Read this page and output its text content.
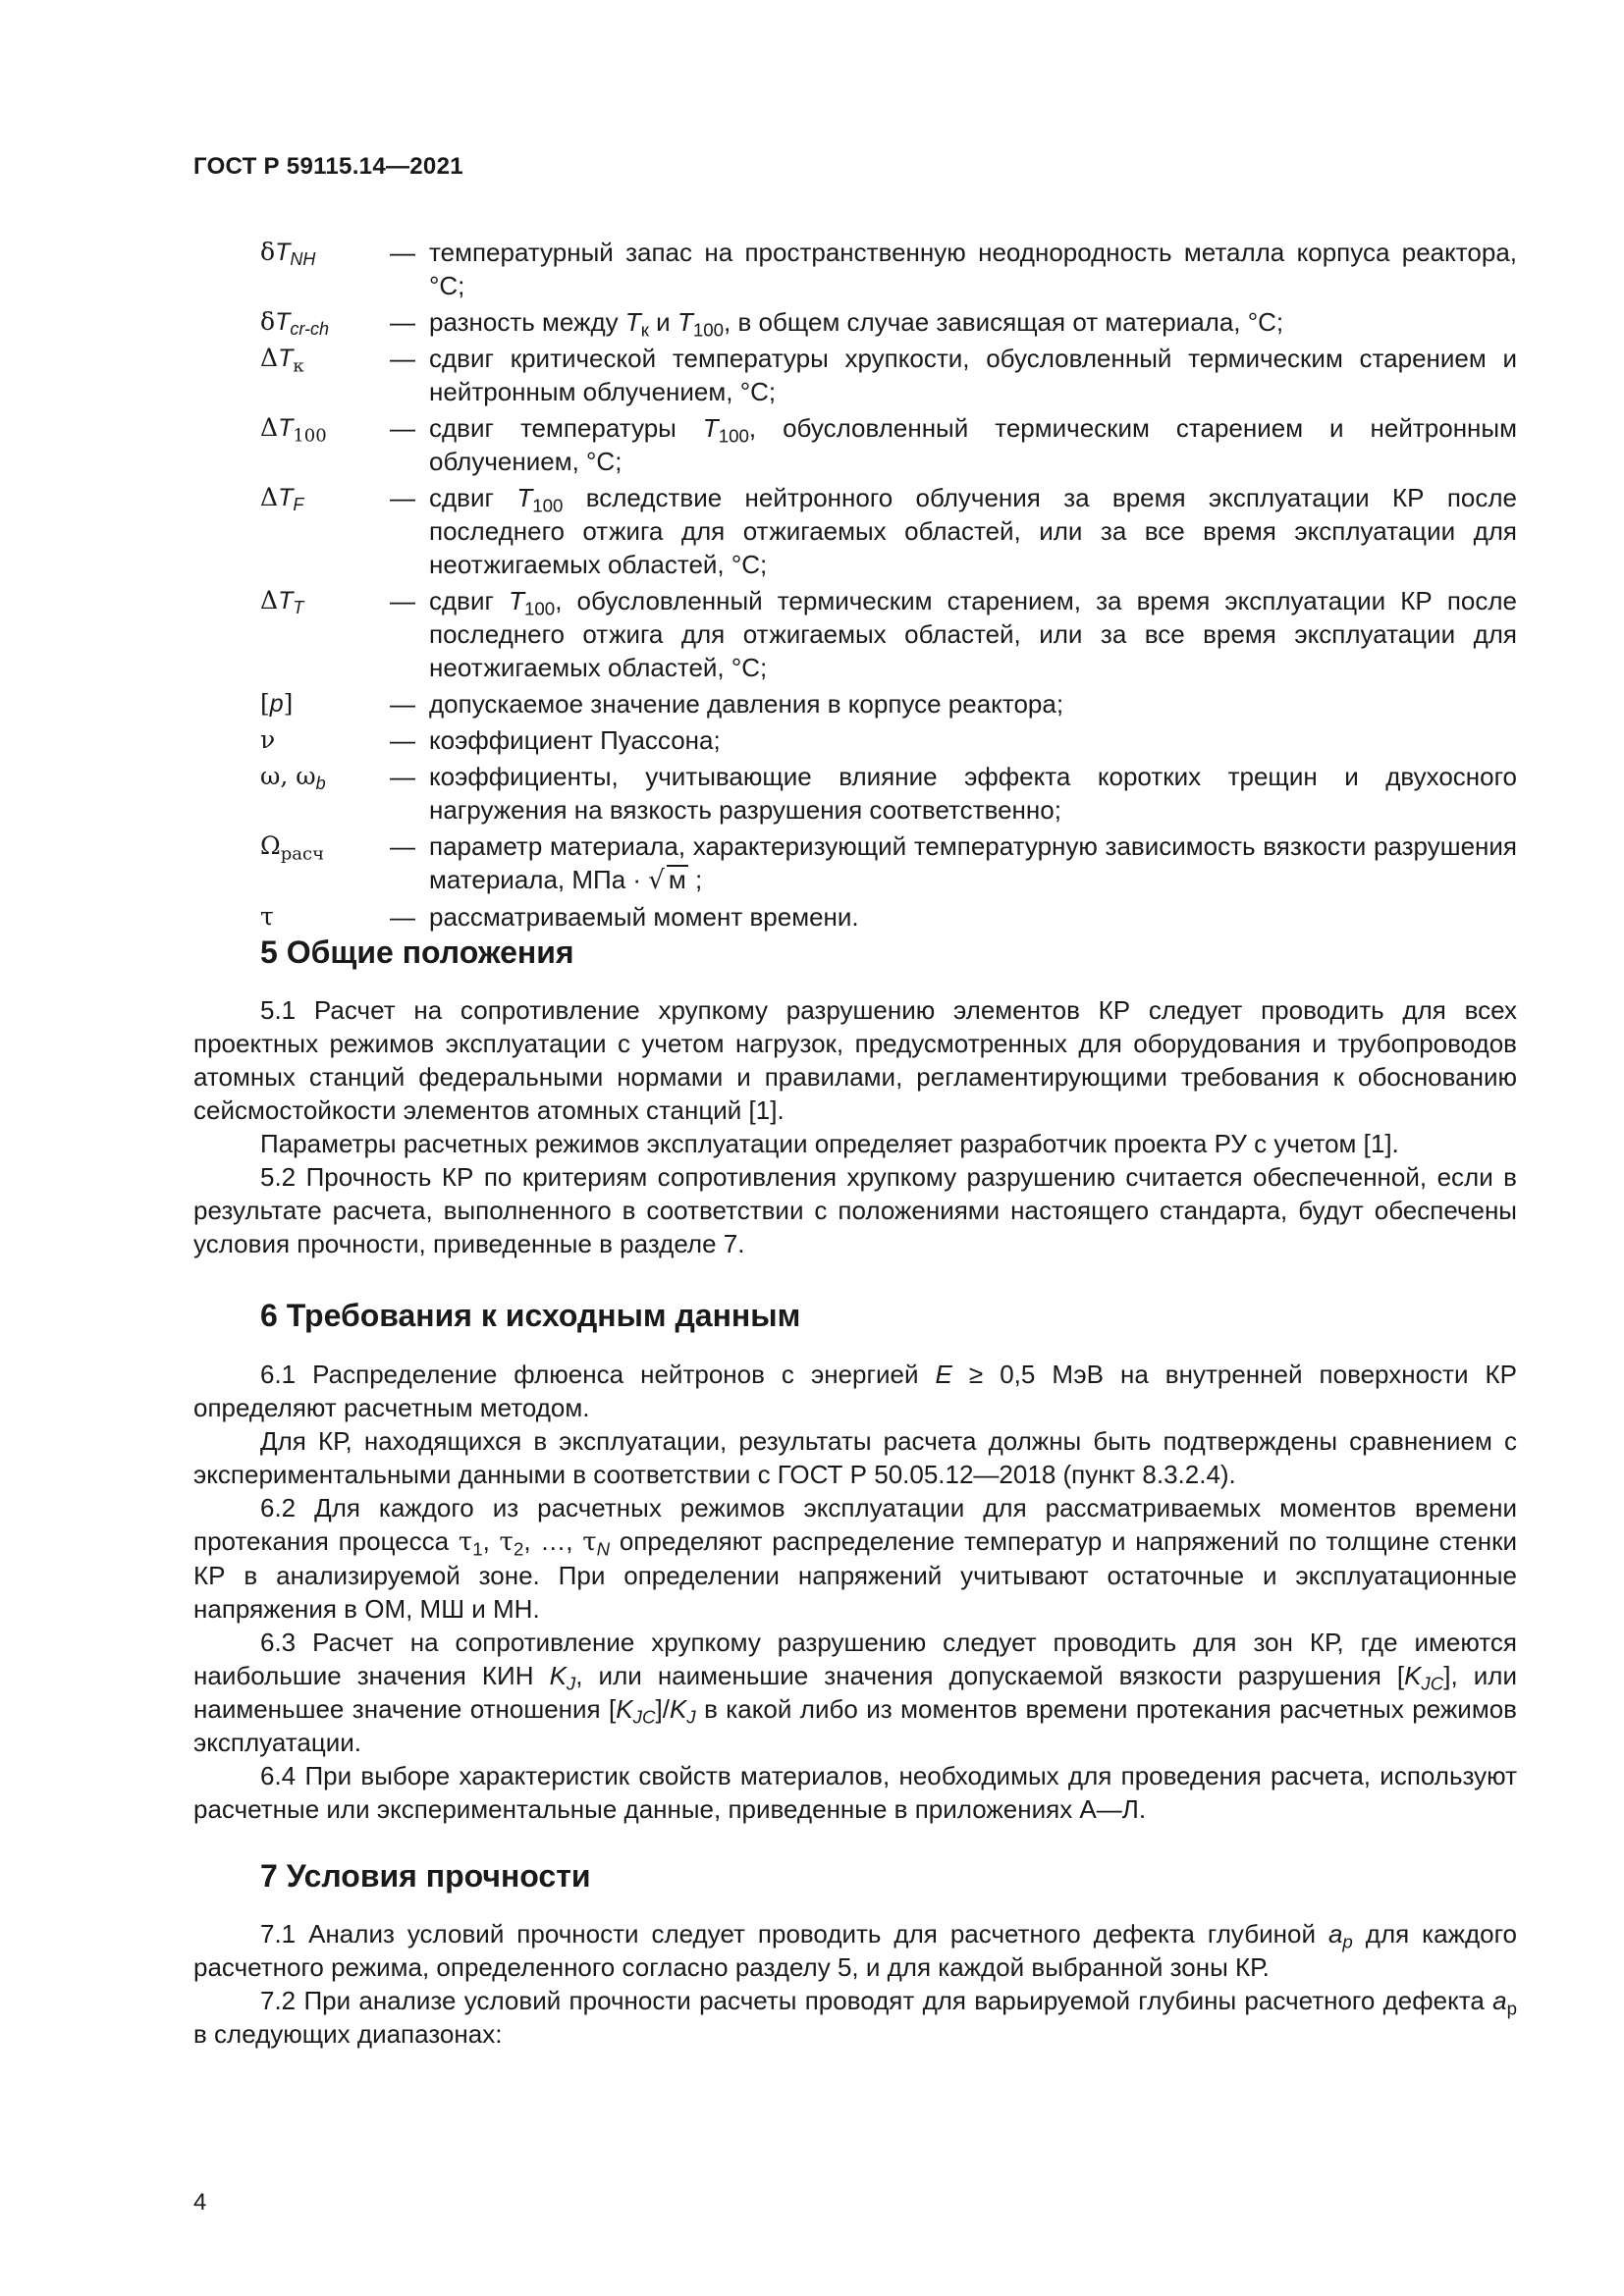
ГОСТ Р 59115.14—2021
$\delta T_{NH}$	— температурный запас на пространственную неоднородность металла корпуса реактора, °С;
$\delta T_{cr-ch}$	— разность между $T_к$ и $T_{100}$, в общем случае зависящая от материала, °С;
$\Delta T_к$	— сдвиг критической температуры хрупкости, обусловленный термическим старением и нейтронным облучением, °С;
$\Delta T_{100}$	— сдвиг температуры $T_{100}$, обусловленный термическим старением и нейтронным облучением, °С;
$\Delta T_F$	— сдвиг $T_{100}$ вследствие нейтронного облучения за время эксплуатации КР после последнего отжига для отжигаемых областей, или за все время эксплуатации для неотжигаемых областей, °С;
$\Delta T_T$	— сдвиг $T_{100}$, обусловленный термическим старением, за время эксплуатации КР после последнего отжига для отжигаемых областей, или за все время эксплуатации для неотжигаемых областей, °С;
[p]	— допускаемое значение давления в корпусе реактора;
ν	— коэффициент Пуассона;
ω, $\omega_b$	— коэффициенты, учитывающие влияние эффекта коротких трещин и двухосного нагружения на вязкость разрушения соответственно;
$\Omega_{расч}$	— параметр материала, характеризующий температурную зависимость вязкости разрушения материала, МПа · √ м ;
τ	— рассматриваемый момент времени.
5 Общие положения

5.1 Расчет на сопротивление хрупкому разрушению элементов КР следует проводить для всех проектных режимов эксплуатации с учетом нагрузок, предусмотренных для оборудования и трубопроводов атомных станций федеральными нормами и правилами, регламентирующими требования к обоснованию сейсмостойкости элементов атомных станций [1].

Параметры расчетных режимов эксплуатации определяет разработчик проекта РУ с учетом [1].

5.2 Прочность КР по критериям сопротивления хрупкому разрушению считается обеспеченной, если в результате расчета, выполненного в соответствии с положениями настоящего стандарта, будут обеспечены условия прочности, приведенные в разделе 7.

6 Требования к исходным данным

6.1 Распределение флюенса нейтронов с энергией E ≥ 0,5 МэВ на внутренней поверхности КР определяют расчетным методом.

Для КР, находящихся в эксплуатации, результаты расчета должны быть подтверждены сравнением с экспериментальными данными в соответствии с ГОСТ Р 50.05.12—2018 (пункт 8.3.2.4).

6.2 Для каждого из расчетных режимов эксплуатации для рассматриваемых моментов времени протекания процесса $\tau_1$, $\tau_2$, …, $\tau_N$ определяют распределение температур и напряжений по толщине стенки КР в анализируемой зоне. При определении напряжений учитывают остаточные и эксплуатационные напряжения в ОМ, МШ и МН.

6.3 Расчет на сопротивление хрупкому разрушению следует проводить для зон КР, где имеются наибольшие значения КИН $K_J$, или наименьшие значения допускаемой вязкости разрушения $[K_{JC}]$, или наименьшее значение отношения $[K_{JC}]/K_J$ в какой либо из моментов времени протекания расчетных режимов эксплуатации.

6.4 При выборе характеристик свойств материалов, необходимых для проведения расчета, используют расчетные или экспериментальные данные, приведенные в приложениях А—Л.

7 Условия прочности

7.1 Анализ условий прочности следует проводить для расчетного дефекта глубиной $a_p$ для каждого расчетного режима, определенного согласно разделу 5, и для каждой выбранной зоны КР.

7.2 При анализе условий прочности расчеты проводят для варьируемой глубины расчетного дефекта $a_р$ в следующих диапазонах:

4
